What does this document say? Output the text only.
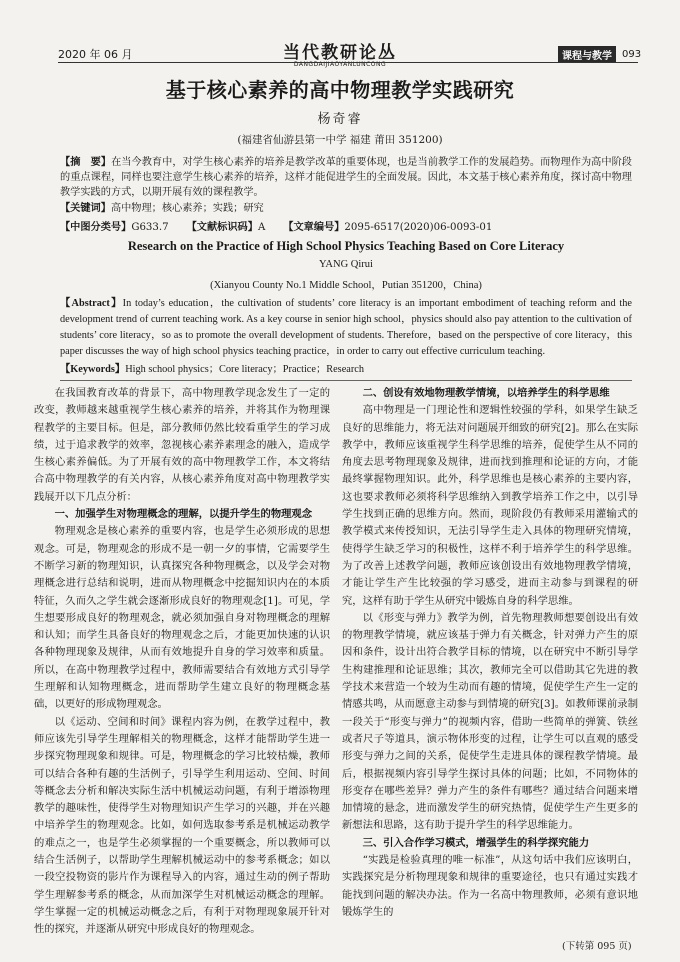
2020 年 06 月	当代教研论丛
DANGDAIJIAOYANLUNCONG
课程与教学	093
基于核心素养的高中物理教学实践研究
杨奇睿
(福建省仙游县第一中学 福建 莆田 351200)
【摘　要】在当今教育中，对学生核心素养的培养是教学改革的重要体现，也是当前教学工作的发展趋势。而物理作为高中阶段的重点课程，同样也要注意学生核心素养的培养，这样才能促进学生的全面发展。因此，本文基于核心素养角度，探讨高中物理教学实践的方式，以期开展有效的课程教学。
【关键词】高中物理；核心素养；实践；研究
【中图分类号】G633.7 【文献标识码】A 【文章编号】2095-6517(2020)06-0093-01
Research on the Practice of High School Physics Teaching Based on Core Literacy
YANG Qirui
(Xianyou County No.1 Middle School，Putian 351200，China)
【Abstract】In today’s education，the cultivation of students’ core literacy is an important embodiment of teaching reform and the development trend of current teaching work. As a key course in senior high school，physics should also pay attention to the cultivation of students’ core literacy，so as to promote the overall development of students. Therefore，based on the perspective of core literacy，this paper discusses the way of high school physics teaching practice，in order to carry out effective curriculum teaching.
【Keywords】High school physics；Core literacy；Practice；Research

在我国教育改革的背景下，高中物理教学现念发生了一定的改变，教师越来越重视学生核心素养的培养，并将其作为物理课程教学的主要目标。但是，部分教师仍然比较看重学生的学习成绩，过于追求教学的效率，忽视核心素养素理念的融入，造成学生核心素养偏低。为了开展有效的高中物理教学工作，本文将结合高中物理教学的有关内容，从核心素养角度对高中物理教学实践展开以下几点分析：

一、加强学生对物理概念的理解，以提升学生的物理观念

物理观念是核心素养的重要内容，也是学生必须形成的思想观念。可是，物理观念的形成不是一朝一夕的事情，它需要学生不断学习新的物理知识，认真探究各种物理概念，以及学会对物理概念进行总结和说明，进而从物理概念中挖掘知识内在的本质特征，久而久之学生就会逐渐形成良好的物理观念[1]。可见，学生想要形成良好的物理观念，就必须加强自身对物理概念的理解和认知；而学生具备良好的物理观念之后，才能更加快速的认识各种物理现象及规律，从而有效地提升自身的学习效率和质量。所以，在高中物理教学过程中，教师需要结合有效地方式引导学生理解和认知物理概念，进而帮助学生建立良好的物理概念基础，以更好的形成物理观念。

以《运动、空间和时间》课程内容为例，在教学过程中，教师应该先引导学生理解相关的物理概念，这样才能帮助学生进一步探究物理现象和规律。可是，物理概念的学习比较枯燥，教师可以结合各种有趣的生活例子，引导学生利用运动、空间、时间等概念去分析和解决实际生活中机械运动问题，有利于增添物理教学的趣味性，使得学生对物理知识产生学习的兴趣，并在兴趣中培养学生的物理观念。比如，如何选取参考系是机械运动教学的难点之一，也是学生必须掌握的一个重要概念，所以教师可以结合生活例子，以帮助学生理解机械运动中的参考系概念；如以一段空投物资的影片作为课程导入的内容，通过生动的例子帮助学生理解参考系的概念，从而加深学生对机械运动概念的理解。学生掌握一定的机械运动概念之后，有利于对物理现象展开针对性的探究，并逐渐从研究中形成良好的物理观念。

二、创设有效地物理教学情境，以培养学生的科学思维

高中物理是一门理论性和逻辑性较强的学科，如果学生缺乏良好的思维能力，将无法对问题展开细致的研究[2]。那么在实际教学中，教师应该重视学生科学思维的培养，促使学生从不同的角度去思考物理现象及规律，进而找到推理和论证的方向，才能最终掌握物理知识。此外，科学思维也是核心素养的主要内容，这也要求教师必须将科学思维纳入到教学培养工作之中，以引导学生找到正确的思维方向。然而，现阶段仍有教师采用灌输式的教学模式来传授知识，无法引导学生走入具体的物理研究情境，使得学生缺乏学习的积极性，这样不利于培养学生的科学思维。为了改善上述教学问题，教师应该创设出有效地物理教学情境，才能让学生产生比较强的学习感受，进而主动参与到课程的研究，这样有助于学生从研究中锻炼自身的科学思维。

以《形变与弹力》教学为例，首先物理教师想要创设出有效的物理教学情境，就应该基于弹力有关概念，针对弹力产生的原因和条件，设计出符合教学目标的情境，以在研究中不断引导学生构建推理和论证思维；其次，教师完全可以借助其它先进的教学技术来营造一个较为生动而有趣的情境，促使学生产生一定的情感共鸣，从而愿意主动参与到情境的研究[3]。如教师课前录制一段关于“形变与弹力”的视频内容，借助一些简单的弹簧、铁丝或者尺子等道具，演示物体形变的过程，让学生可以直观的感受形变与弹力之间的关系，促使学生走进具体的课程教学情境。最后，根据视频内容引导学生探讨具体的问题；比如，不同物体的形变存在哪些差异？弹力产生的条件有哪些？通过结合问题来增加情境的悬念，进而激发学生的研究热情，促使学生产生更多的新想法和思路，这有助于提升学生的科学思维能力。

三、引入合作学习模式，增强学生的科学探究能力

“实践是检验真理的唯一标准”，从这句话中我们应该明白，实践探究是分析物理现象和规律的重要途径，也只有通过实践才能找到问题的解决办法。作为一名高中物理教师，必须有意识地锻炼学生的

(下转第 095 页)
